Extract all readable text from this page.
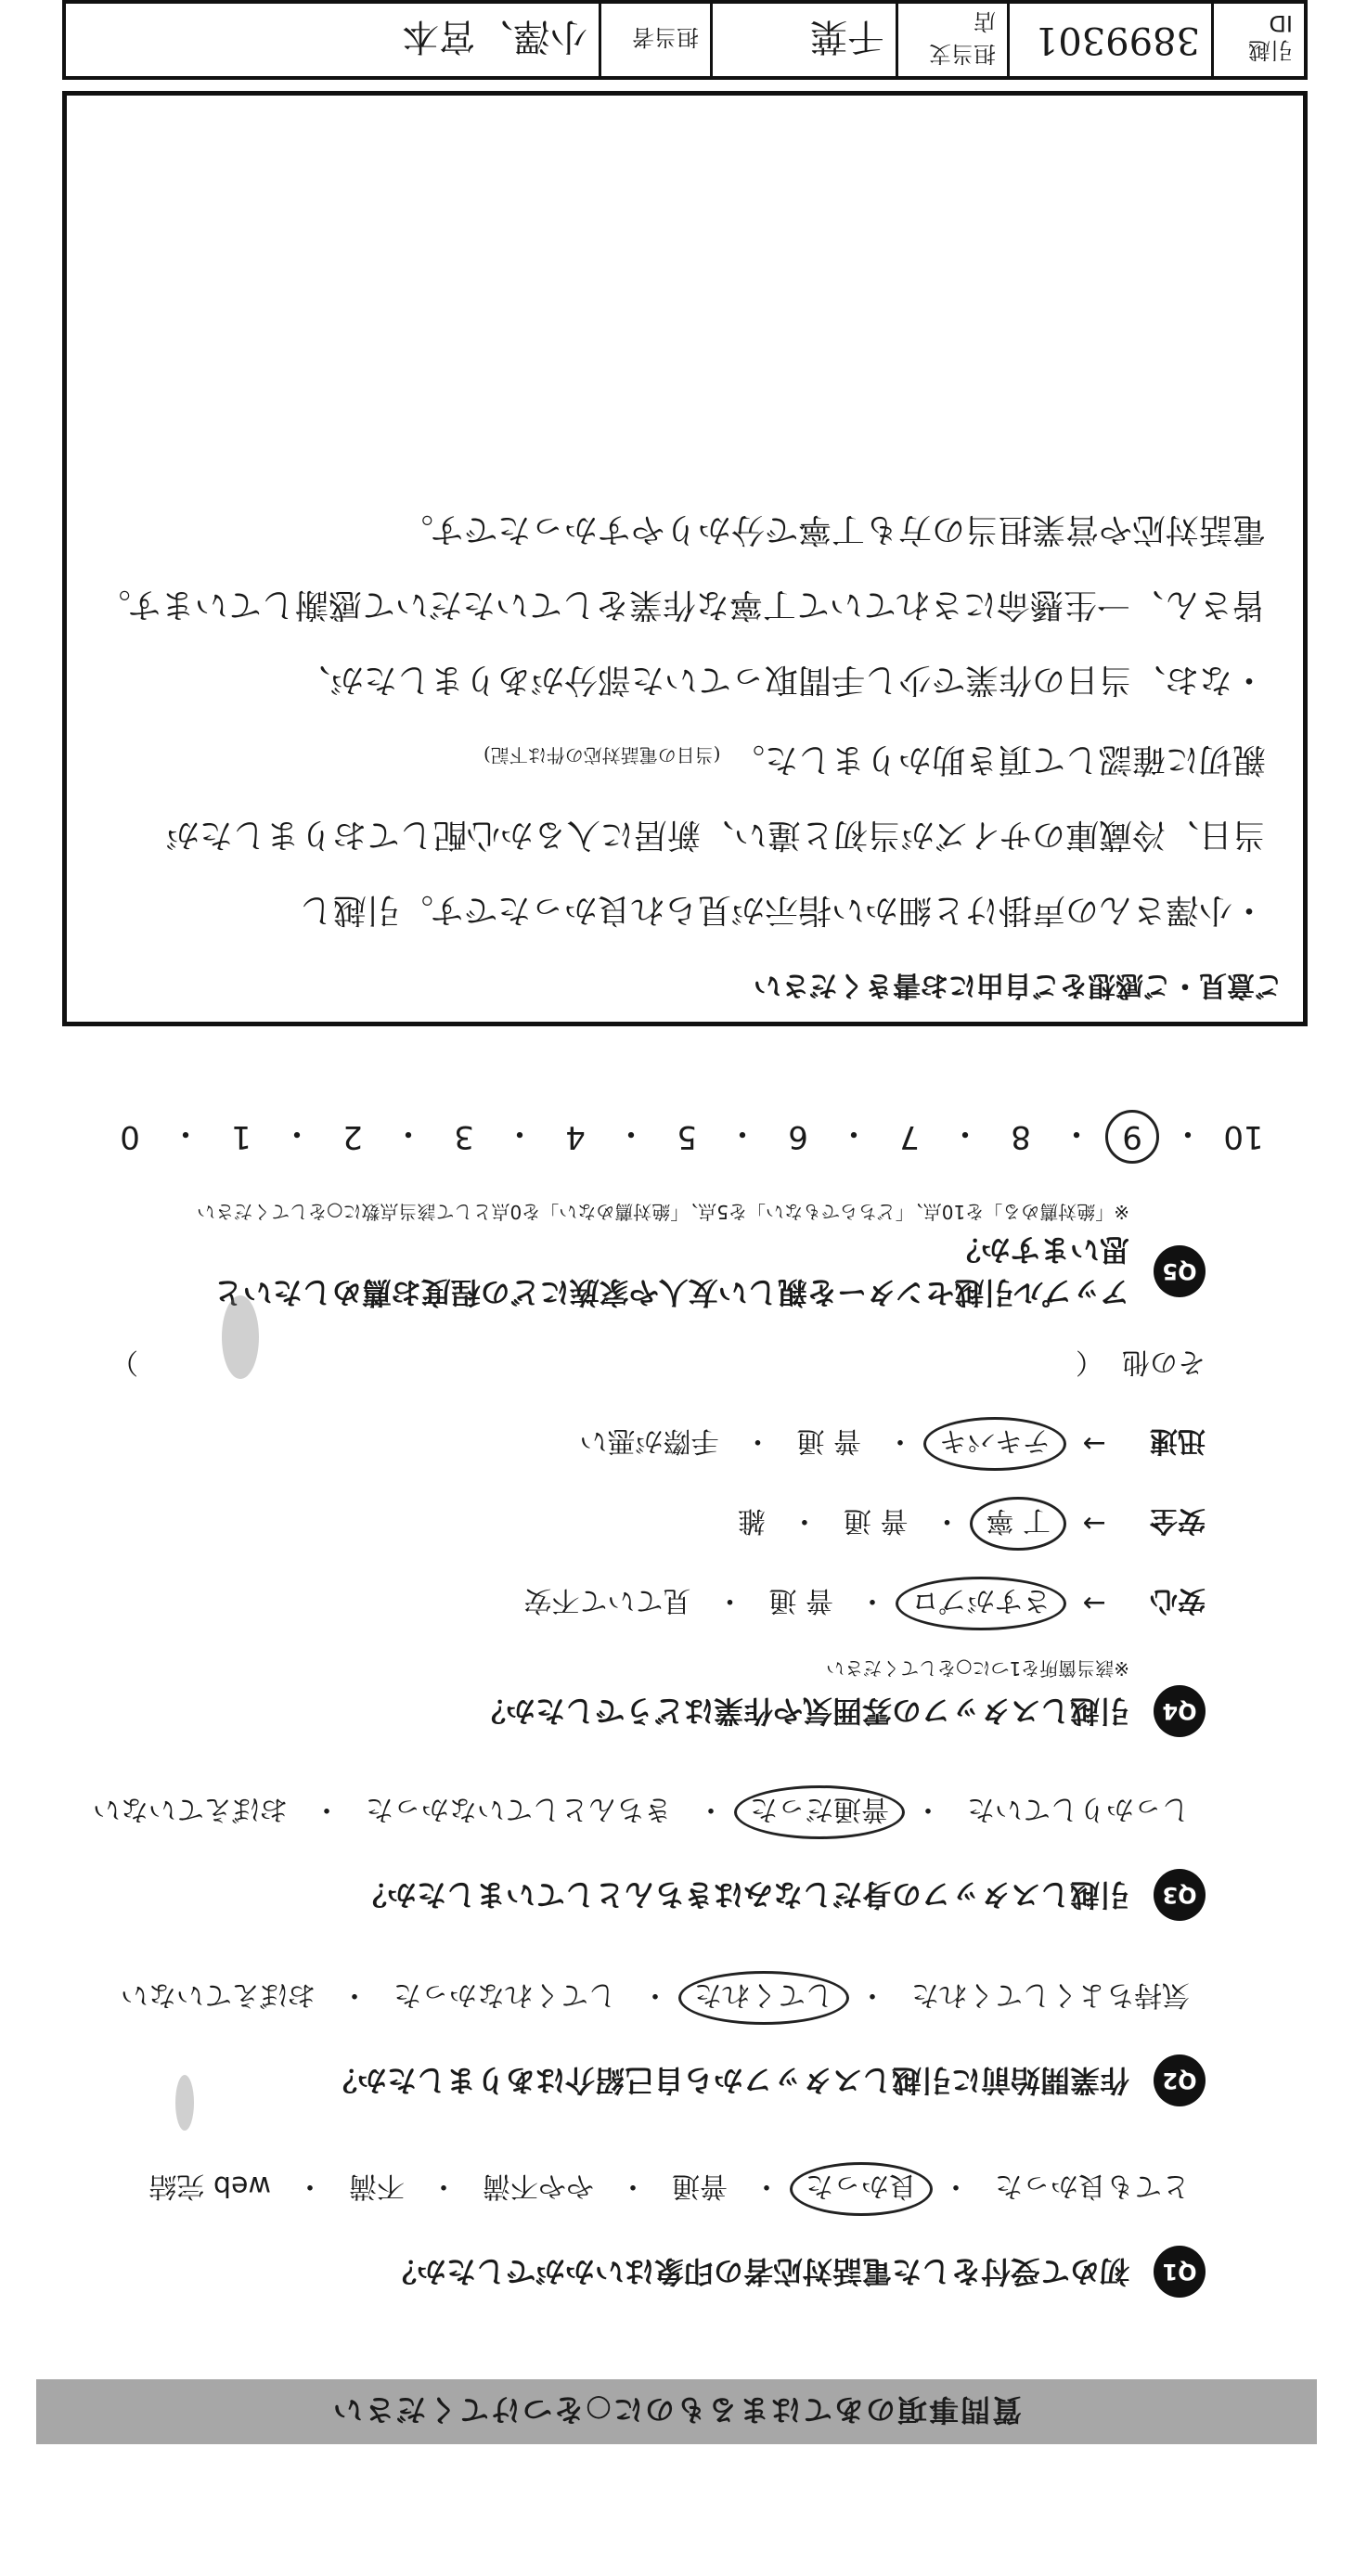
質問事項のあてはまるものに○をつけてください
Q1
初めて受付をした電話対応者の印象はいかがでしたか？
とても良かった
・
良かった
・
普通
・
やや不満
・
不満
・
web 完結
Q2
作業開始前に引越しスタッフから自己紹介はありましたか？
気持ちよくしてくれた
・
してくれた
・
してくれなかった
・
おぼえていない
Q3
引越しスタッフの身だしなみはきちんとしていましたか？
しっかりしていた
・
普通だった
・
きちんとしていなかった
・
おぼえていない
Q4
引越しスタッフの雰囲気や作業はどうでしたか？
※該当箇所を1つに○をしてください
安心
→
さすがプロ
・
普 通
・
見ていて不安
安全
→
丁 寧
・
普 通
・
雑
迅速
→
テキパキ
・
普 通
・
手際が悪い
その他
（
）
Q5
アップル引越センターを親しい友人や家族にどの程度お薦めしたいと思いますか？
※「絶対薦める」を10点、「どちらでもない」を5点、「絶対薦めない」を0点として該当点数に○をしてください
10
・
9
・
8
・
7
・
6
・
5
・
4
・
3
・
2
・
1
・
0
ご意見・ご感想をご自由にお書きください
・小澤さんの声掛けと細かい指示が見られ良かったです。引越し
当日、冷蔵庫のサイズが当初と違い、新居に入るか心配しておりましたが
親切に確認して頂き助かりました。 (当日の電話対応の件は下記)
・なお、当日の作業で少し手間取っていた部分がありましたが、
皆さん、一生懸命にされていて丁寧な作業をしていただいて感謝しています。
電話対応や営業担当の方も丁寧で分かりやすかったです。
引越 ID
3899301
担当支店
千葉
担当者
小澤、宮本
